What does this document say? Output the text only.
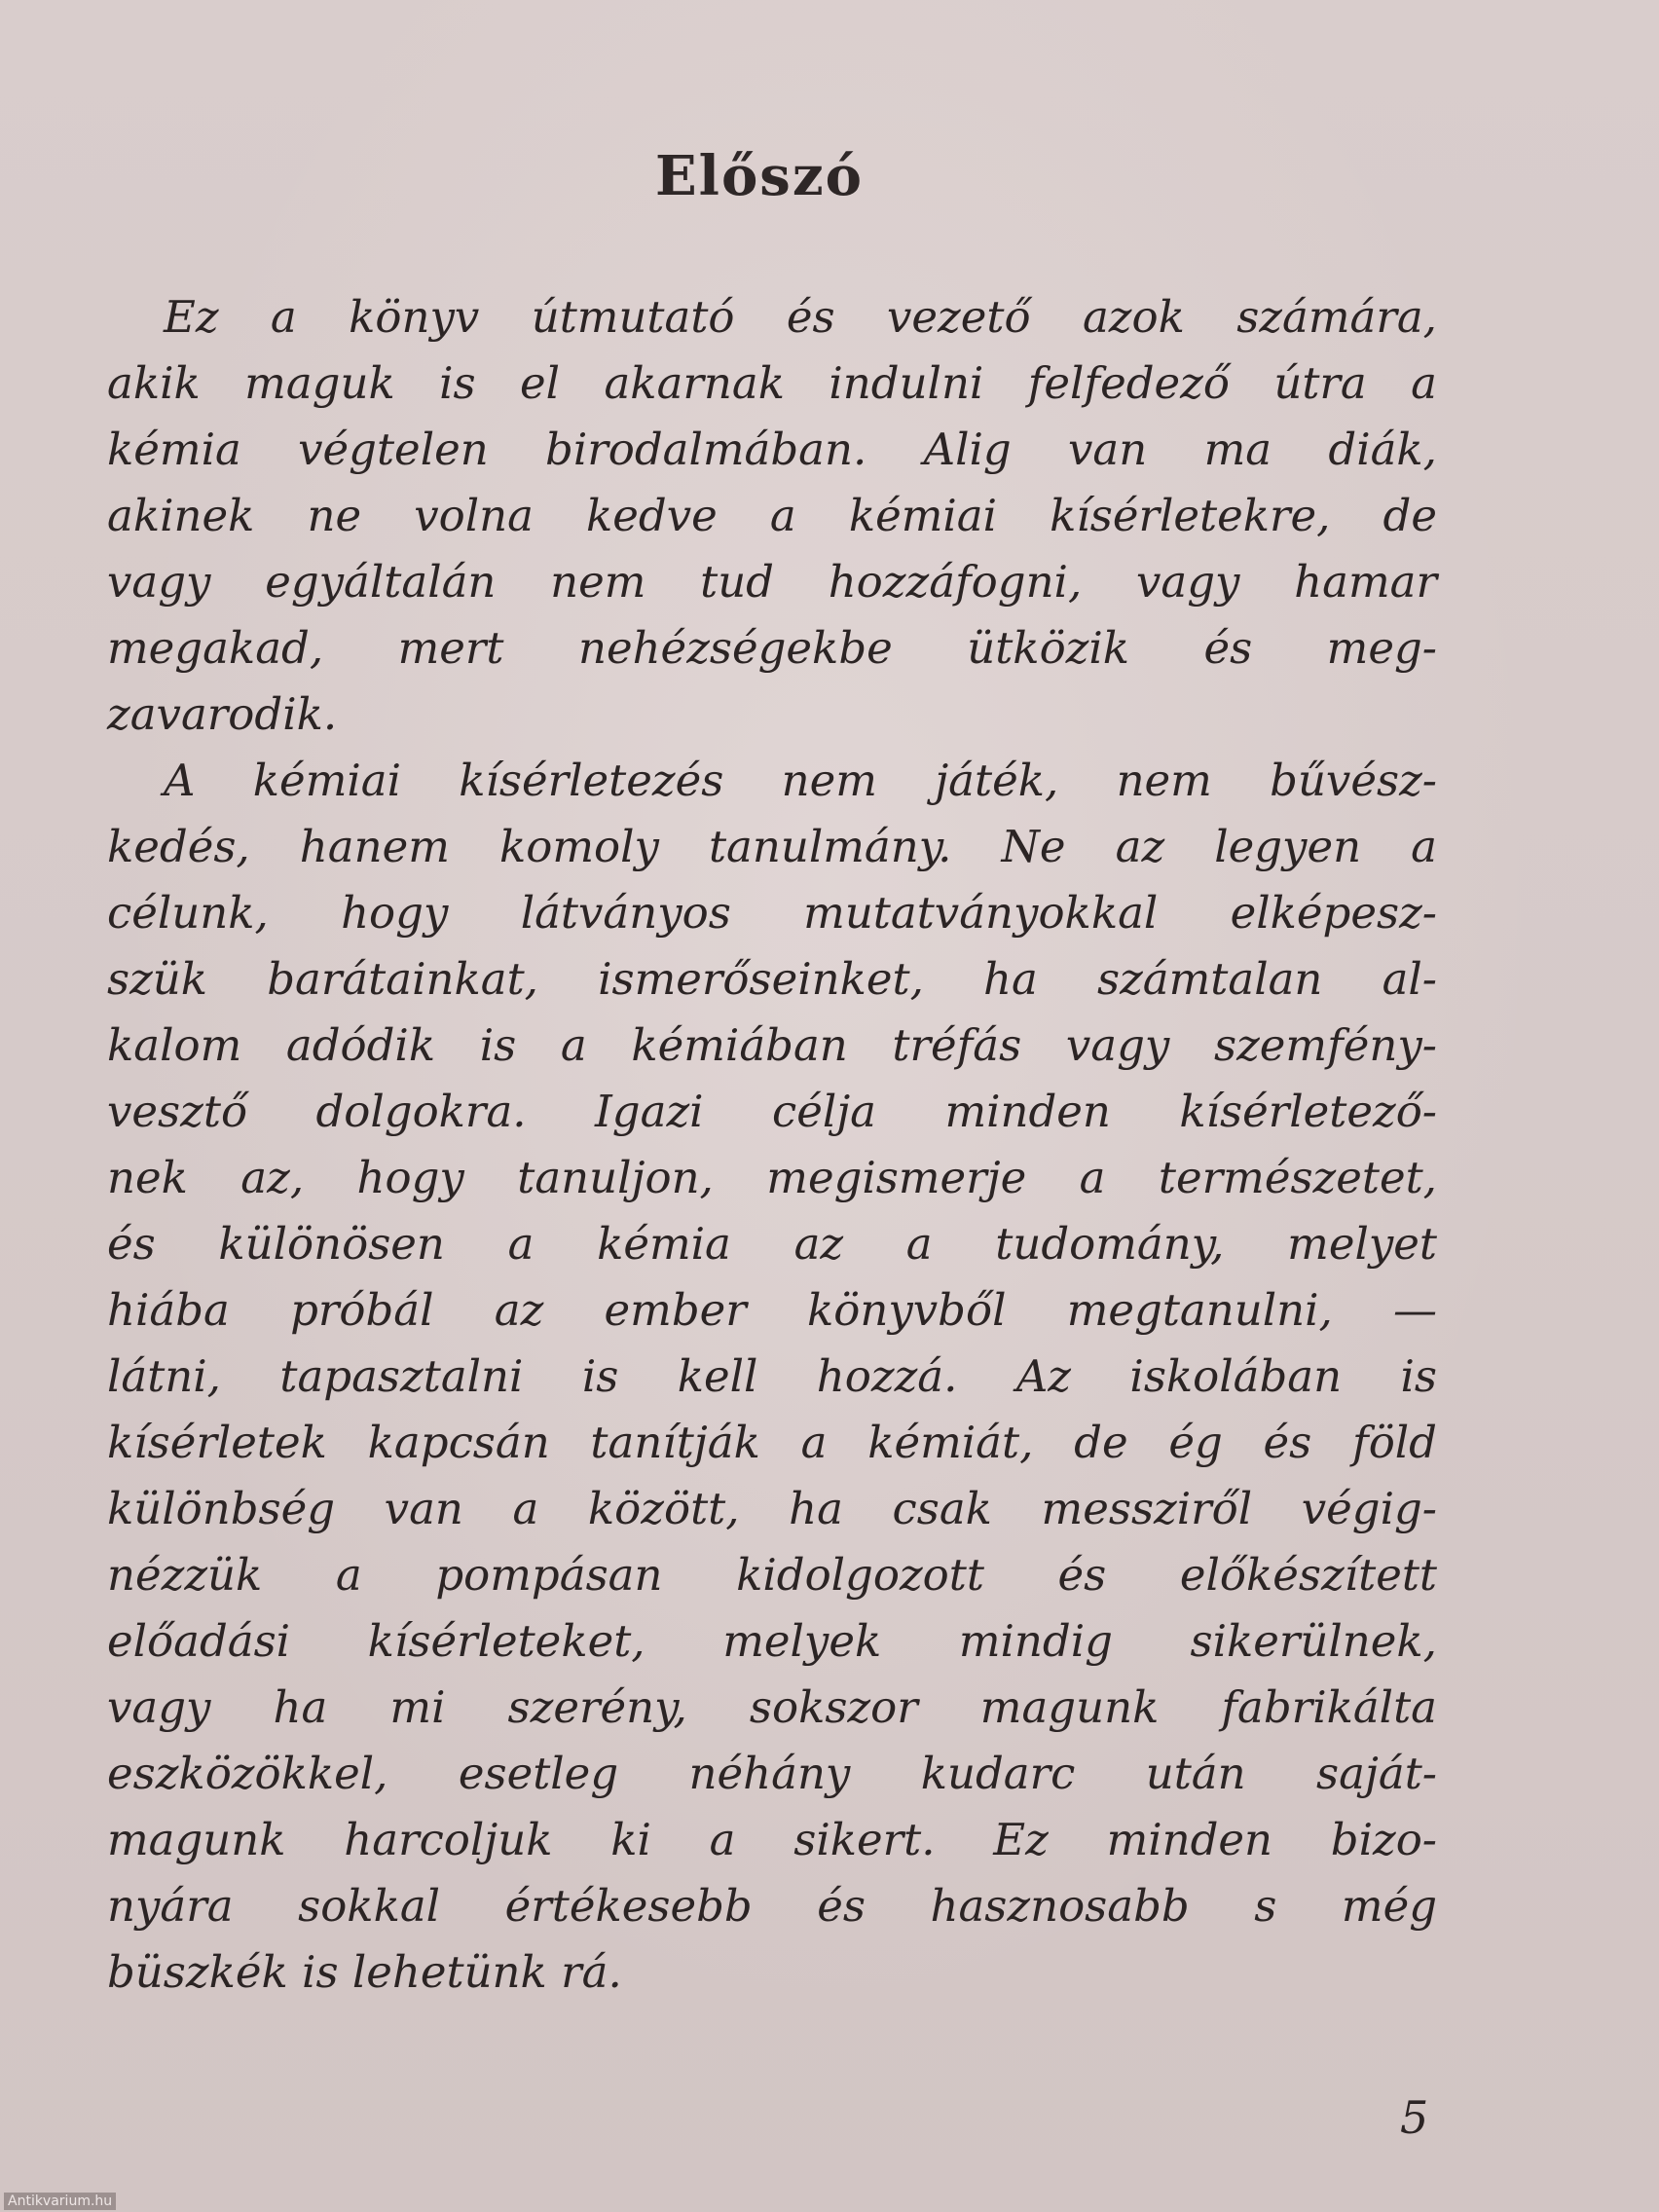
Előszó
Ez a könyv útmutató és vezető azok számára,
akik maguk is el akarnak indulni felfedező útra a
kémia végtelen birodalmában. Alig van ma diák,
akinek ne volna kedve a kémiai kísérletekre, de
vagy egyáltalán nem tud hozzáfogni, vagy hamar
megakad, mert nehézségekbe ütközik és meg-
zavarodik.
A kémiai kísérletezés nem játék, nem bűvész-
kedés, hanem komoly tanulmány. Ne az legyen a
célunk, hogy látványos mutatványokkal elképesz-
szük barátainkat, ismerőseinket, ha számtalan al-
kalom adódik is a kémiában tréfás vagy szemfény-
vesztő dolgokra. Igazi célja minden kísérletező-
nek az, hogy tanuljon, megismerje a természetet,
és különösen a kémia az a tudomány, melyet
hiába próbál az ember könyvből megtanulni, —
látni, tapasztalni is kell hozzá. Az iskolában is
kísérletek kapcsán tanítják a kémiát, de ég és föld
különbség van a között, ha csak messziről végig-
nézzük a pompásan kidolgozott és előkészített
előadási kísérleteket, melyek mindig sikerülnek,
vagy ha mi szerény, sokszor magunk fabrikálta
eszközökkel, esetleg néhány kudarc után saját-
magunk harcoljuk ki a sikert. Ez minden bizo-
nyára sokkal értékesebb és hasznosabb s még
büszkék is lehetünk rá.
5
Antikvarium.hu
